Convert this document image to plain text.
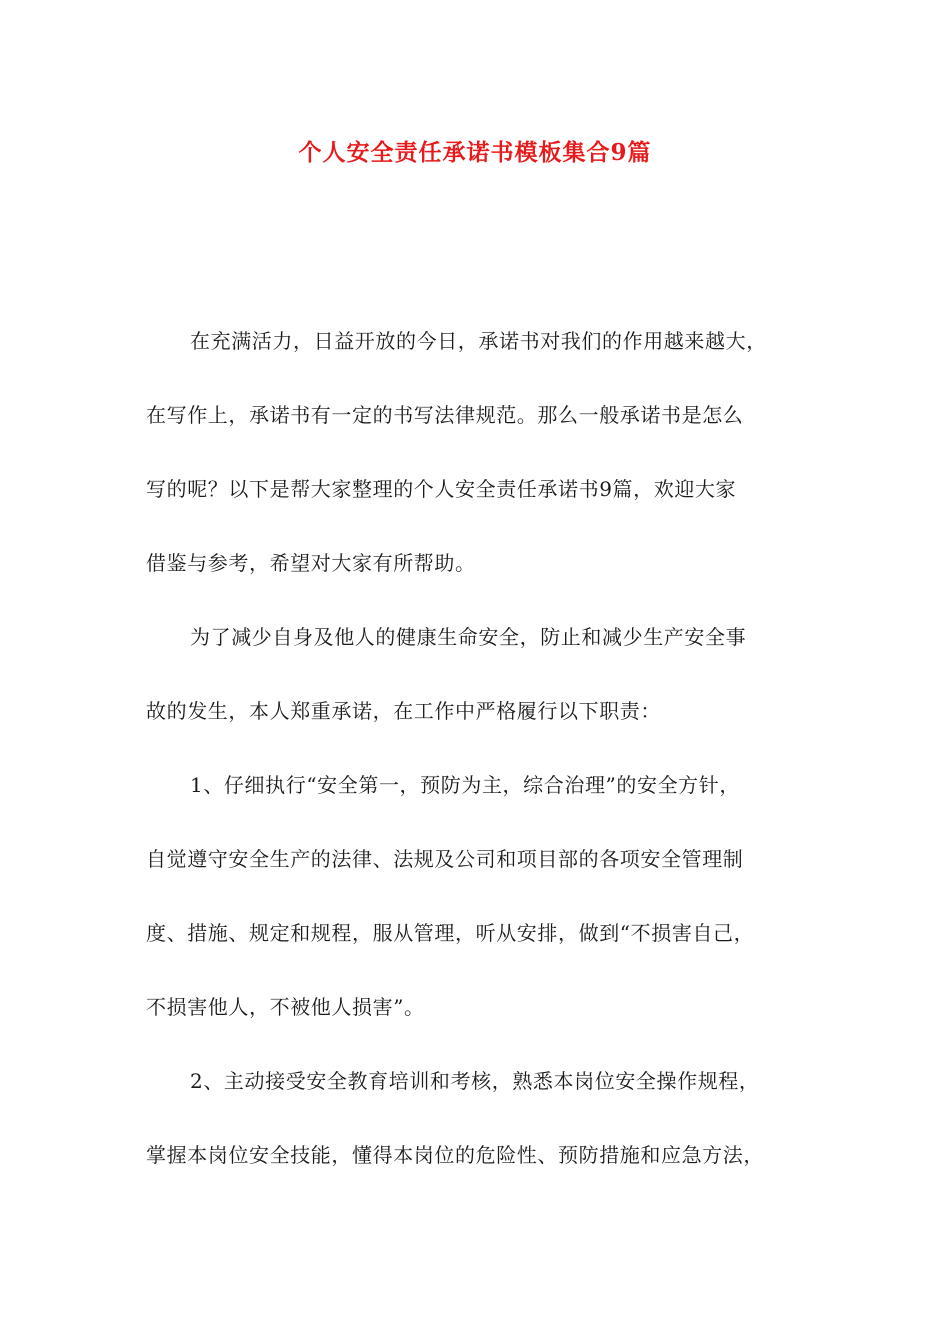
个人安全责任承诺书模板集合9篇
在充满活力，日益开放的今日，承诺书对我们的作用越来越大，
在写作上，承诺书有一定的书写法律规范。那么一般承诺书是怎么
写的呢？以下是帮大家整理的个人安全责任承诺书9篇，欢迎大家
借鉴与参考，希望对大家有所帮助。
为了减少自身及他人的健康生命安全，防止和减少生产安全事
故的发生，本人郑重承诺，在工作中严格履行以下职责：
1、仔细执行“安全第一，预防为主，综合治理”的安全方针，
自觉遵守安全生产的法律、法规及公司和项目部的各项安全管理制
度、措施、规定和规程，服从管理，听从安排，做到“不损害自己，
不损害他人，不被他人损害”。
2、主动接受安全教育培训和考核，熟悉本岗位安全操作规程，
掌握本岗位安全技能，懂得本岗位的危险性、预防措施和应急方法，
